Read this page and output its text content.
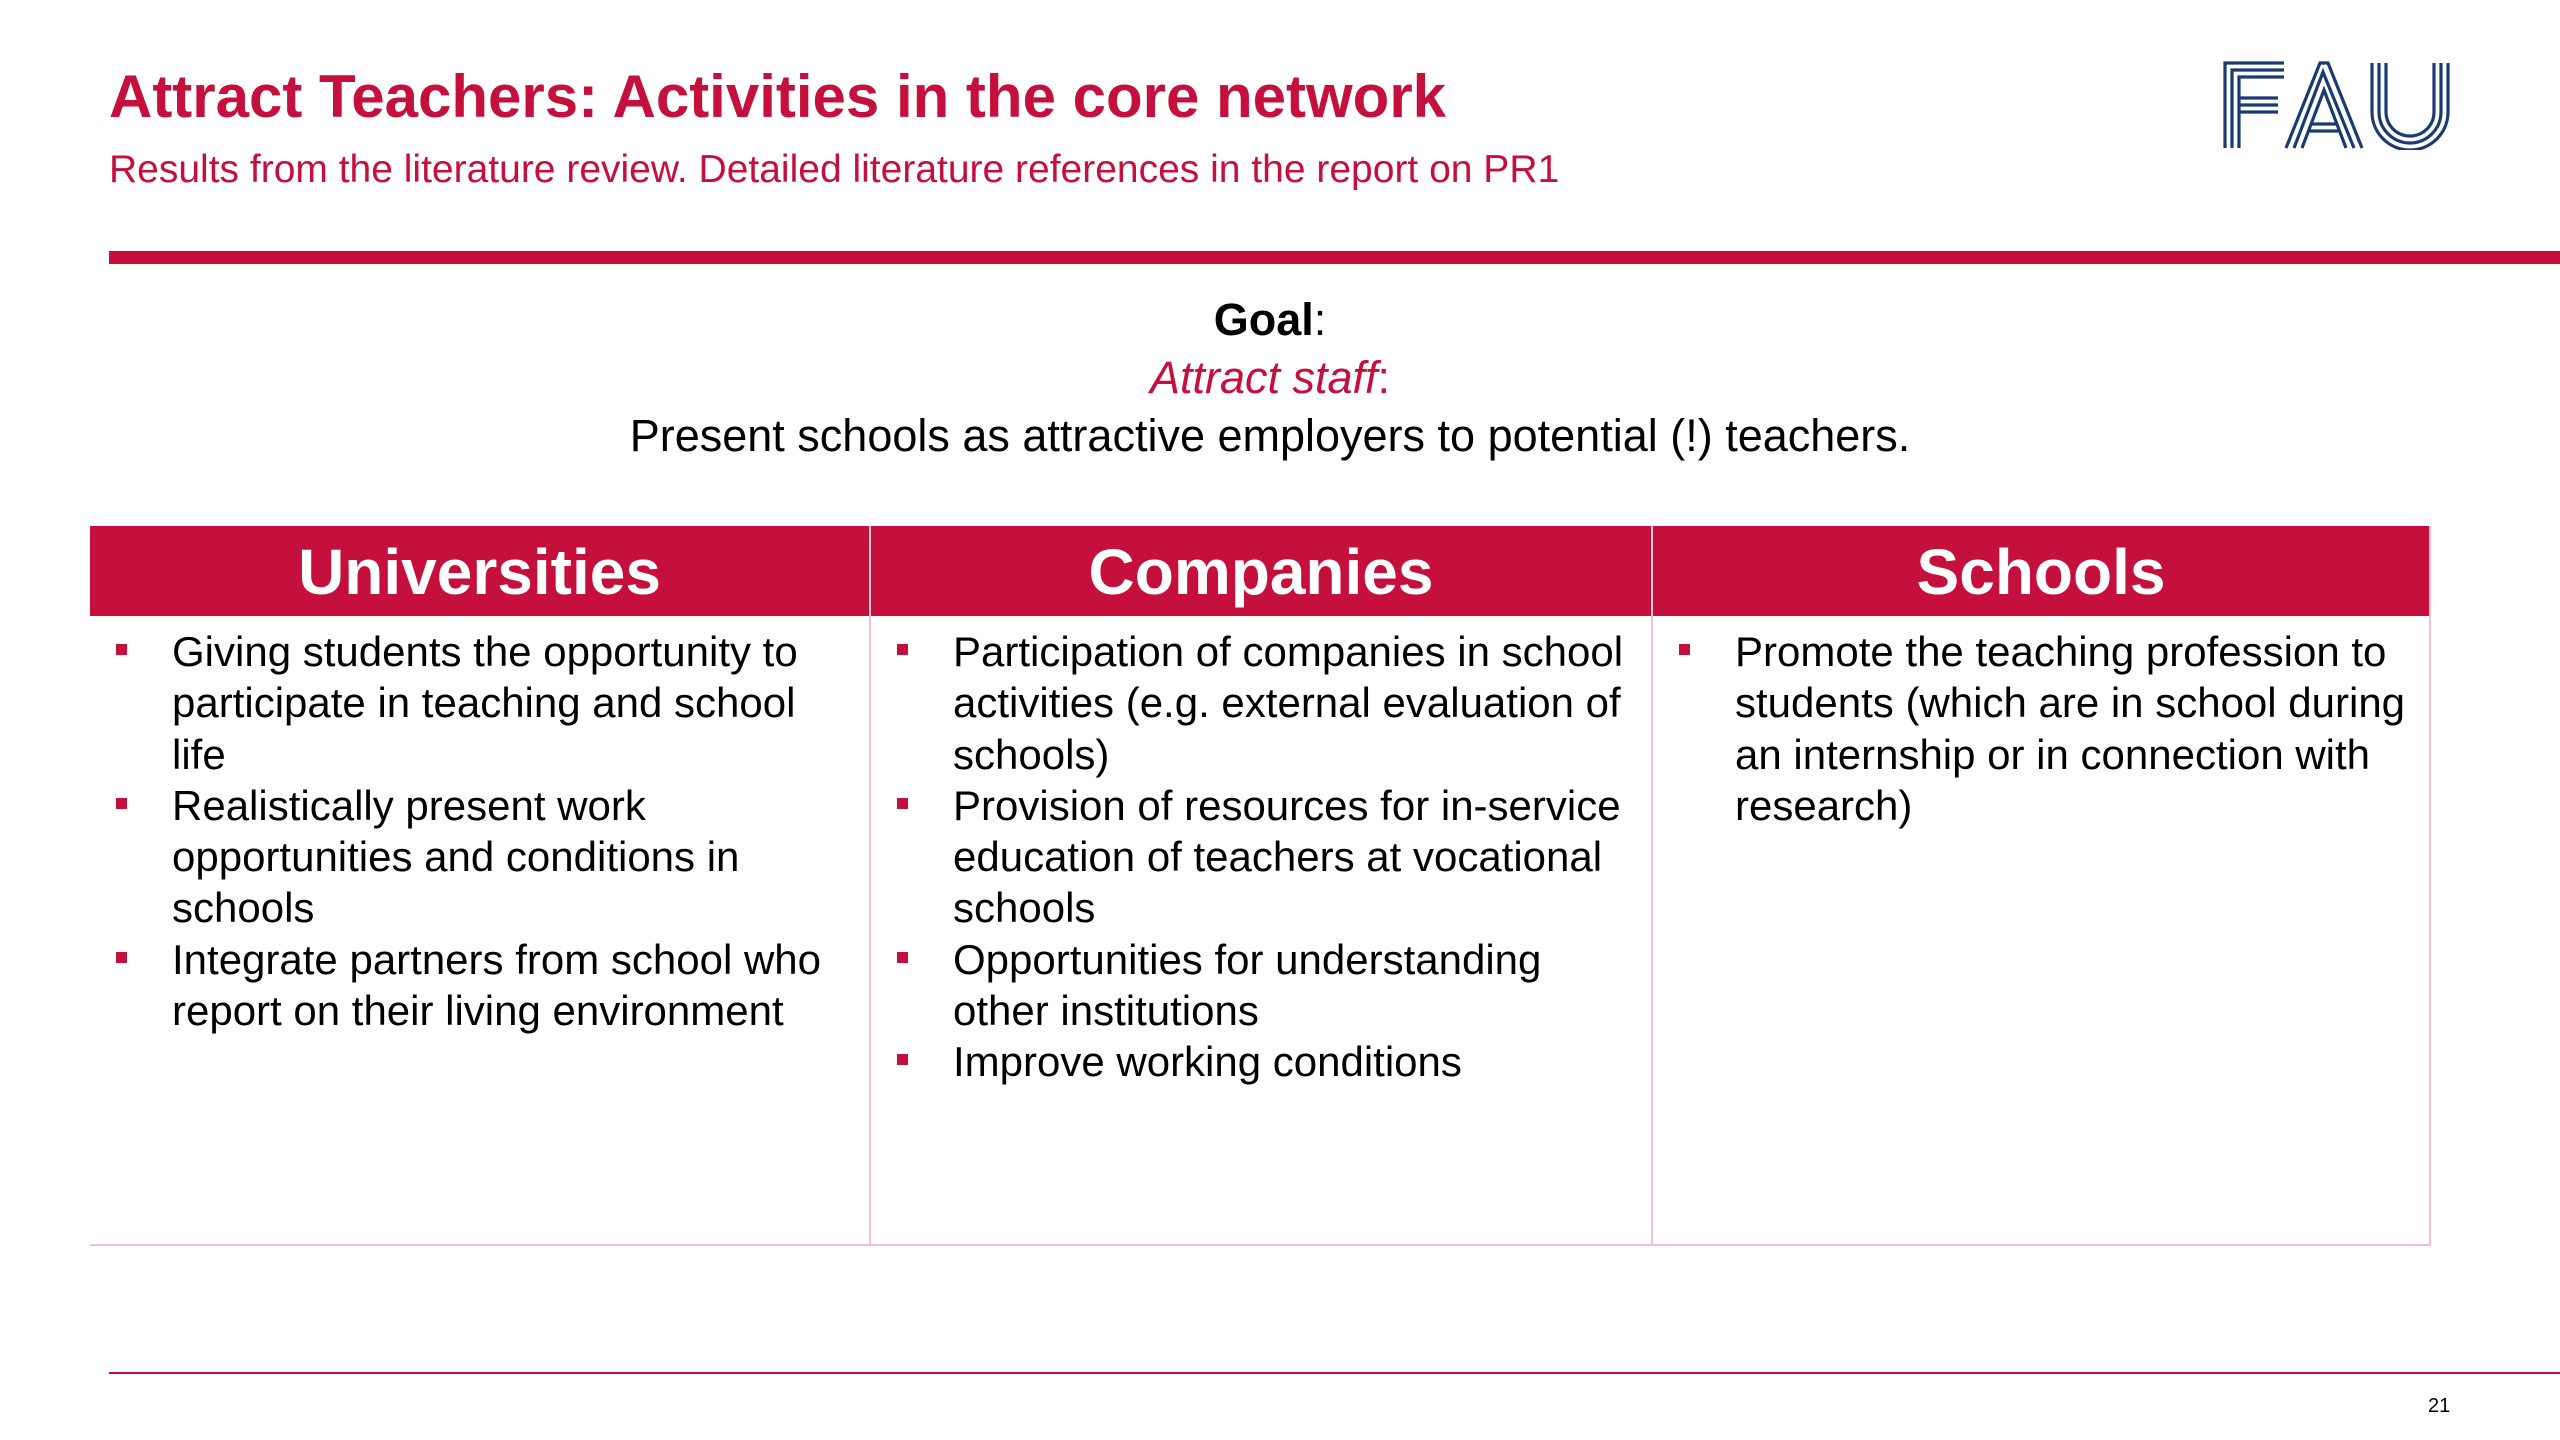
Attract Teachers: Activities in the core network
Results from the literature review. Detailed literature references in the report on PR1
Goal:
Attract staff:
Present schools as attractive employers to potential (!) teachers.
Universities
Giving students the opportunity to participate in teaching and school life
Realistically present work opportunities and conditions in schools
Integrate partners from school who report on their living environment
Companies
Participation of companies in school activities (e.g. external evaluation of schools)
Provision of resources for in-service education of teachers at vocational schools
Opportunities for understanding other institutions
Improve working conditions
Schools
Promote the teaching profession to students (which are in school during an internship or in connection with research)
21
